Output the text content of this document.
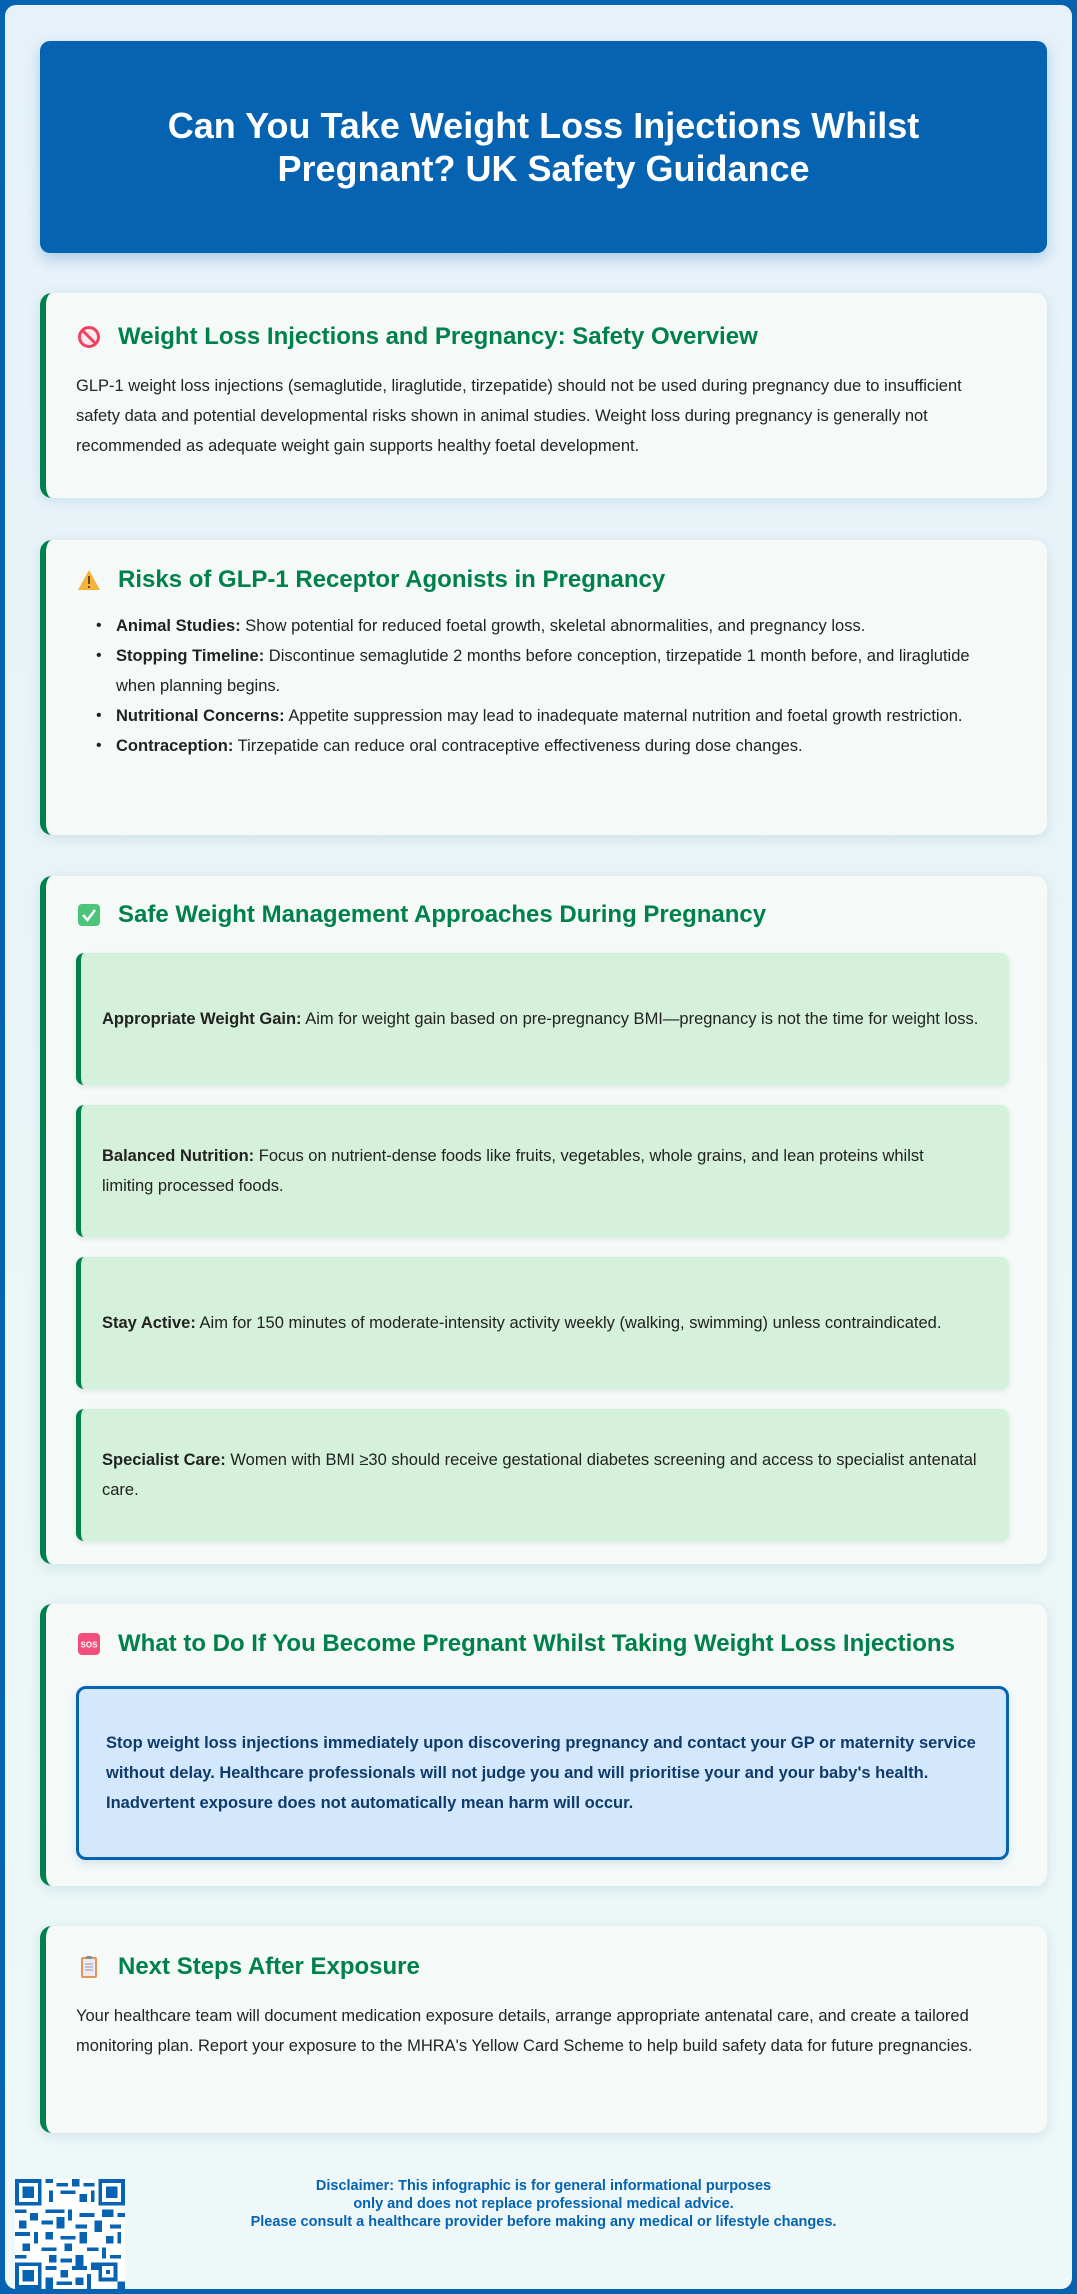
Can You Take Weight Loss Injections Whilst Pregnant? UK Safety Guidance
Weight Loss Injections and Pregnancy: Safety Overview

GLP-1 weight loss injections (semaglutide, liraglutide, tirzepatide) should not be used during pregnancy due to insufficient safety data and potential developmental risks shown in animal studies. Weight loss during pregnancy is generally not recommended as adequate weight gain supports healthy foetal development.

Risks of GLP-1 Receptor Agonists in Pregnancy
• Animal Studies: Show potential for reduced foetal growth, skeletal abnormalities, and pregnancy loss.
• Stopping Timeline: Discontinue semaglutide 2 months before conception, tirzepatide 1 month before, and liraglutide when planning begins.
• Nutritional Concerns: Appetite suppression may lead to inadequate maternal nutrition and foetal growth restriction.
• Contraception: Tirzepatide can reduce oral contraceptive effectiveness during dose changes.
Safe Weight Management Approaches During Pregnancy

Appropriate Weight Gain: Aim for weight gain based on pre-pregnancy BMI—pregnancy is not the time for weight loss.

Balanced Nutrition: Focus on nutrient-dense foods like fruits, vegetables, whole grains, and lean proteins whilst limiting processed foods.

Stay Active: Aim for 150 minutes of moderate-intensity activity weekly (walking, swimming) unless contraindicated.

Specialist Care: Women with BMI ≥30 should receive gestational diabetes screening and access to specialist antenatal care.

SOS What to Do If You Become Pregnant Whilst Taking Weight Loss Injections

Stop weight loss injections immediately upon discovering pregnancy and contact your GP or maternity service without delay. Healthcare professionals will not judge you and will prioritise your and your baby's health. Inadvertent exposure does not automatically mean harm will occur.

Next Steps After Exposure

Your healthcare team will document medication exposure details, arrange appropriate antenatal care, and create a tailored monitoring plan. Report your exposure to the MHRA's Yellow Card Scheme to help build safety data for future pregnancies.

Disclaimer: This infographic is for general informational purposes
only and does not replace professional medical advice.
Please consult a healthcare provider before making any medical or lifestyle changes.
